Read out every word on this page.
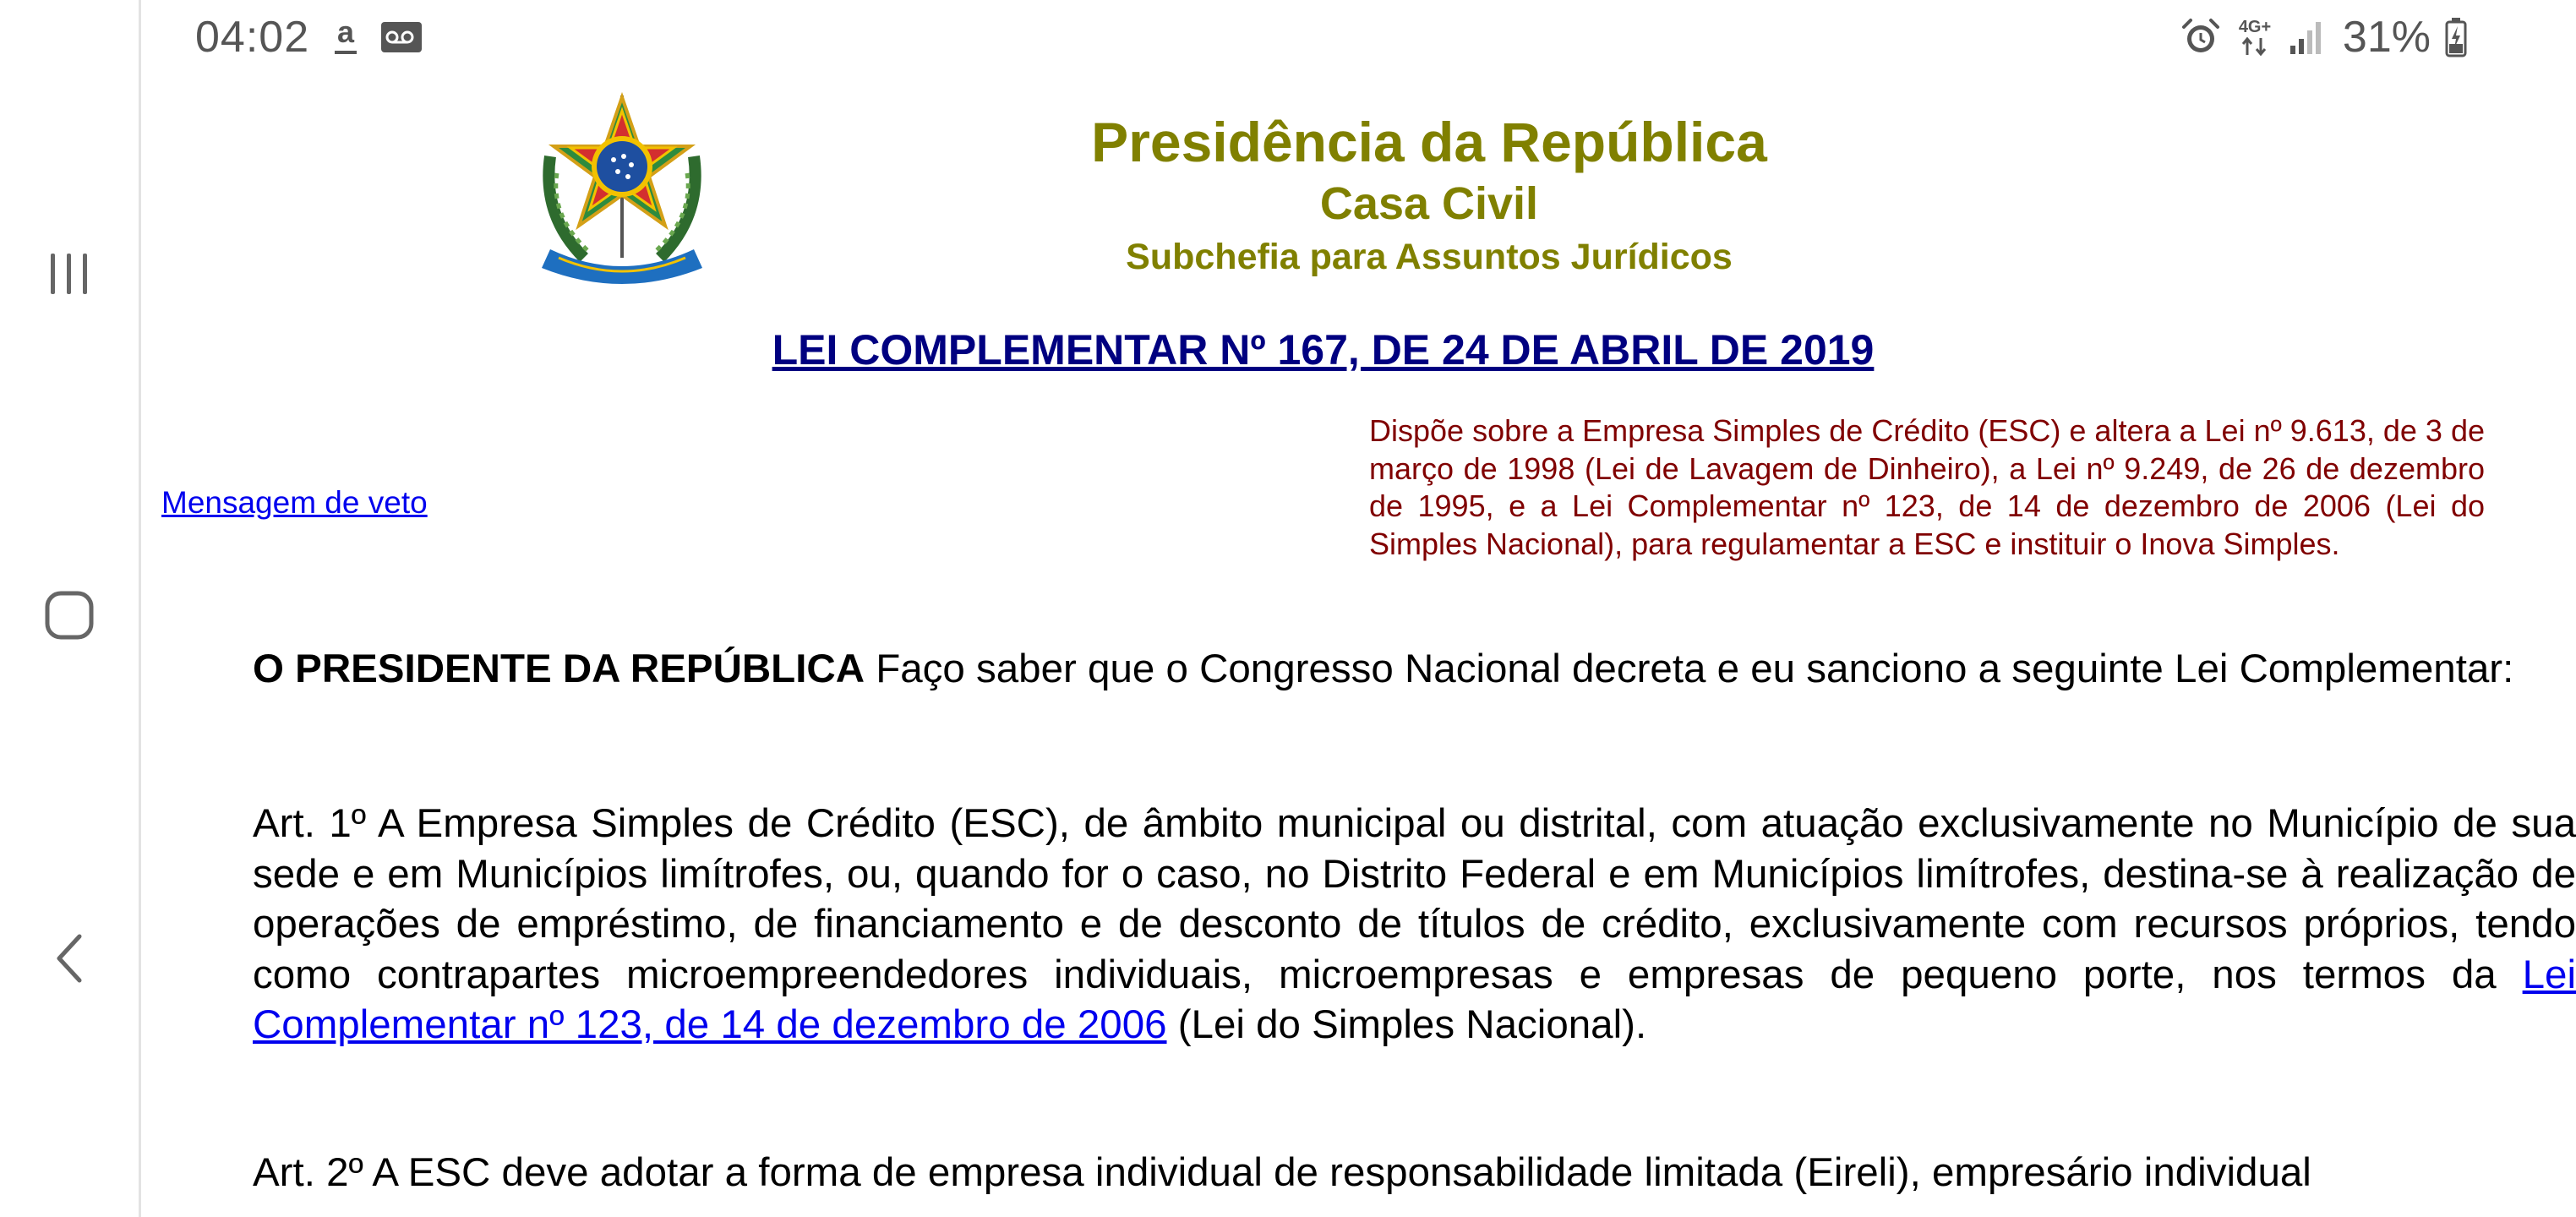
04:02 a	4G+ 31%
Presidência da República
Casa Civil
Subchefia para Assuntos Jurídicos
LEI COMPLEMENTAR Nº 167, DE 24 DE ABRIL DE 2019
Mensagem de veto
Dispõe sobre a Empresa Simples de Crédito (ESC) e altera a Lei nº 9.613, de 3 de março de 1998 (Lei de Lavagem de Dinheiro), a Lei nº 9.249, de 26 de dezembro de 1995, e a Lei Complementar nº 123, de 14 de dezembro de 2006 (Lei do Simples Nacional), para regulamentar a ESC e instituir o Inova Simples.
O PRESIDENTE DA REPÚBLICA Faço saber que o Congresso Nacional decreta e eu sanciono a seguinte Lei Complementar:
Art. 1º A Empresa Simples de Crédito (ESC), de âmbito municipal ou distrital, com atuação exclusivamente no Município de sua sede e em Municípios limítrofes, ou, quando for o caso, no Distrito Federal e em Municípios limítrofes, destina-se à realização de operações de empréstimo, de financiamento e de desconto de títulos de crédito, exclusivamente com recursos próprios, tendo como contrapartes microempreendedores individuais, microempresas e empresas de pequeno porte, nos termos da Lei Complementar nº 123, de 14 de dezembro de 2006 (Lei do Simples Nacional).
Art. 2º A ESC deve adotar a forma de empresa individual de responsabilidade limitada (Eireli), empresário individual
